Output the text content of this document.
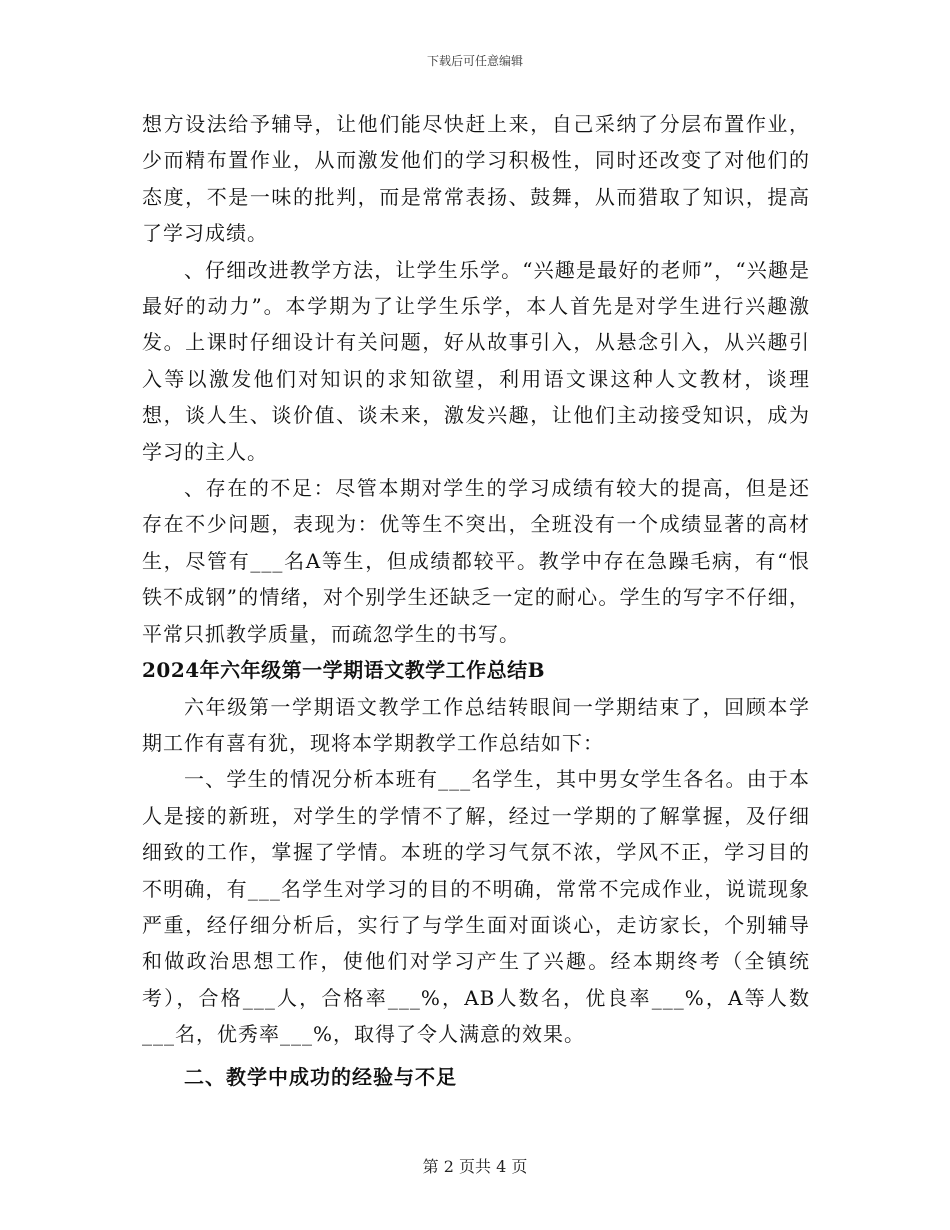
下载后可任意编辑

想方设法给予辅导，让他们能尽快赶上来，自己采纳了分层布置作业，少而精布置作业，从而激发他们的学习积极性，同时还改变了对他们的态度，不是一味的批判，而是常常表扬、鼓舞，从而猎取了知识，提高了学习成绩。

、仔细改进教学方法，让学生乐学。“兴趣是最好的老师”，“兴趣是最好的动力”。本学期为了让学生乐学，本人首先是对学生进行兴趣激发。上课时仔细设计有关问题，好从故事引入，从悬念引入，从兴趣引入等以激发他们对知识的求知欲望，利用语文课这种人文教材，谈理想，谈人生、谈价值、谈未来，激发兴趣，让他们主动接受知识，成为学习的主人。

、存在的不足：尽管本期对学生的学习成绩有较大的提高，但是还存在不少问题，表现为：优等生不突出，全班没有一个成绩显著的高材生，尽管有___名A等生，但成绩都较平。教学中存在急躁毛病，有“恨铁不成钢”的情绪，对个别学生还缺乏一定的耐心。学生的写字不仔细，平常只抓教学质量，而疏忽学生的书写。

2024年六年级第一学期语文教学工作总结B

六年级第一学期语文教学工作总结转眼间一学期结束了，回顾本学期工作有喜有犹，现将本学期教学工作总结如下：

一、学生的情况分析本班有___名学生，其中男女学生各名。由于本人是接的新班，对学生的学情不了解，经过一学期的了解掌握，及仔细细致的工作，掌握了学情。本班的学习气氛不浓，学风不正，学习目的不明确，有___名学生对学习的目的不明确，常常不完成作业，说谎现象严重，经仔细分析后，实行了与学生面对面谈心，走访家长，个别辅导和做政治思想工作，使他们对学习产生了兴趣。经本期终考（全镇统考），合格___人，合格率___%，AB人数名，优良率___%，A等人数___名，优秀率___%，取得了令人满意的效果。

二、教学中成功的经验与不足

第 2 页共 4 页
